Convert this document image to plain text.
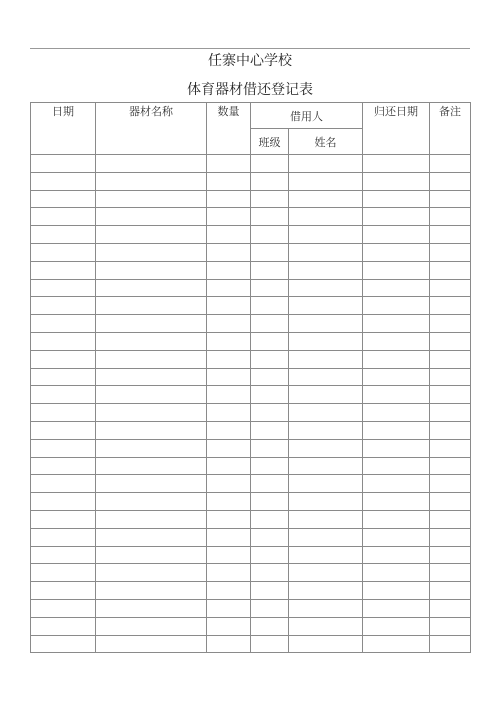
任寨中心学校
体育器材借还登记表
日期	器材名称	数量	借用人		归还日期	备注
			班级	姓名		
